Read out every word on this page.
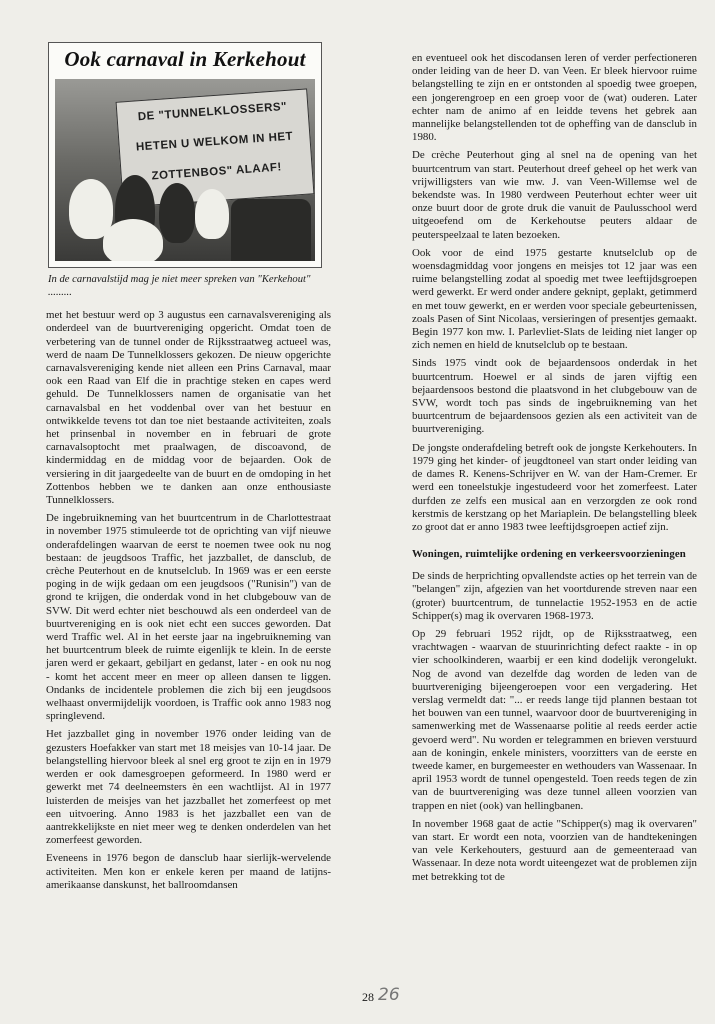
Ook carnaval in Kerkehout
DE "TUNNELKLOSSERS"
HETEN U WELKOM IN HET
ZOTTENBOS" ALAAF!
In de carnavalstijd mag je niet meer spreken van "Kerkehout" .........

met het bestuur werd op 3 augustus een carnavalsvereniging als onderdeel van de buurtvereniging opgericht. Omdat toen de verbetering van de tunnel onder de Rijksstraatweg actueel was, werd de naam De Tunnelklossers gekozen. De nieuw opgerichte carnavalsvereniging kende niet alleen een Prins Carnaval, maar ook een Raad van Elf die in prachtige steken en capes werd gehuld. De Tunnelklossers namen de organisatie van het carnavalsbal en het voddenbal over van het bestuur en ontwikkelde tevens tot dan toe niet bestaande activiteiten, zoals het prinsenbal in november en in februari de grote carnavalsoptocht met praalwagen, de discoavond, de kindermiddag en de middag voor de bejaarden. Ook de versiering in dit jaargedeelte van de buurt en de omdoping in het Zottenbos hebben we te danken aan onze enthousiaste Tunnelklossers.

De ingebruikneming van het buurtcentrum in de Charlottestraat in november 1975 stimuleerde tot de oprichting van vijf nieuwe onderafdelingen waarvan de eerst te noemen twee ook nu nog bestaan: de jeugdsoos Traffic, het jazzballet, de dansclub, de crèche Peuterhout en de knutselclub. In 1969 was er een eerste poging in de wijk gedaan om een jeugdsoos ("Runisin") van de grond te krijgen, die onderdak vond in het clubgebouw van de SVW. Dit werd echter niet beschouwd als een onderdeel van de buurtvereniging en is ook niet echt een succes geworden. Dat werd Traffic wel. Al in het eerste jaar na ingebruikneming van het buurtcentrum bleek de ruimte eigenlijk te klein. In de eerste jaren werd er gekaart, gebiljart en gedanst, later - en ook nu nog - komt het accent meer en meer op alleen dansen te liggen. Ondanks de incidentele problemen die zich bij een jeugdsoos welhaast onvermijdelijk voordoen, is Traffic ook anno 1983 nog springlevend.

Het jazzballet ging in november 1976 onder leiding van de gezusters Hoefakker van start met 18 meisjes van 10-14 jaar. De belangstelling hiervoor bleek al snel erg groot te zijn en in 1979 werden er ook damesgroepen geformeerd. In 1980 werd er gewerkt met 74 deelneemsters èn een wachtlijst. Al in 1977 luisterden de meisjes van het jazzballet het zomerfeest op met een uitvoering. Anno 1983 is het jazzballet een van de aantrekkelijkste en niet meer weg te denken onderdelen van het zomerfeest geworden.

Eveneens in 1976 begon de dansclub haar sierlijk-wervelende activiteiten. Men kon er enkele keren per maand de latijns-amerikaanse danskunst, het ballroomdansen

en eventueel ook het discodansen leren of verder perfectioneren onder leiding van de heer D. van Veen. Er bleek hiervoor ruime belangstelling te zijn en er ontstonden al spoedig twee groepen, een jongerengroep en een groep voor de (wat) ouderen. Later echter nam de animo af en leidde tevens het gebrek aan mannelijke belangstellenden tot de opheffing van de dansclub in 1980.

De crèche Peuterhout ging al snel na de opening van het buurtcentrum van start. Peuterhout dreef geheel op het werk van vrijwilligsters van wie mw. J. van Veen-Willemse wel de bekendste was. In 1980 verdween Peuterhout echter weer uit onze buurt door de grote druk die vanuit de Paulusschool werd uitgeoefend om de Kerkehoutse peuters aldaar de peuterspeelzaal te laten bezoeken.

Ook voor de eind 1975 gestarte knutselclub op de woensdagmiddag voor jongens en meisjes tot 12 jaar was een ruime belangstelling zodat al spoedig met twee leeftijdsgroepen werd gewerkt. Er werd onder andere geknipt, geplakt, getimmerd en met touw gewerkt, en er werden voor speciale gebeurtenissen, zoals Pasen of Sint Nicolaas, versieringen of presentjes gemaakt. Begin 1977 kon mw. I. Parlevliet-Slats de leiding niet langer op zich nemen en hield de knutselclub op te bestaan.

Sinds 1975 vindt ook de bejaardensoos onderdak in het buurtcentrum. Hoewel er al sinds de jaren vijftig een bejaardensoos bestond die plaatsvond in het clubgebouw van de SVW, wordt toch pas sinds de ingebruikneming van het buurtcentrum de bejaardensoos gezien als een activiteit van de buurtvereniging.

De jongste onderafdeling betreft ook de jongste Kerkehouters. In 1979 ging het kinder- of jeugdtoneel van start onder leiding van de dames R. Kenens-Schrijver en W. van der Ham-Cremer. Er werd een toneelstukje ingestudeerd voor het zomerfeest. Later durfden ze zelfs een musical aan en verzorgden ze ook rond kerstmis de kerstzang op het Mariaplein. De belangstelling bleek zo groot dat er anno 1983 twee leeftijdsgroepen actief zijn.

Woningen, ruimtelijke ordening en verkeersvoorzieningen

De sinds de herprichting opvallendste acties op het terrein van de "belangen" zijn, afgezien van het voortdurende streven naar een (groter) buurtcentrum, de tunnelactie 1952-1953 en de actie Schipper(s) mag ik overvaren 1968-1973.

Op 29 februari 1952 rijdt, op de Rijksstraatweg, een vrachtwagen - waarvan de stuurinrichting defect raakte - in op vier schoolkinderen, waarbij er een kind dodelijk verongelukt. Nog de avond van dezelfde dag worden de leden van de buurtvereniging bijeengeroepen voor een vergadering. Het verslag vermeldt dat: "... er reeds lange tijd plannen bestaan tot het bouwen van een tunnel, waarvoor door de buurtvereniging in samenwerking met de Wassenaarse politie al reeds eerder actie gevoerd werd". Nu worden er telegrammen en brieven verstuurd aan de koningin, enkele ministers, voorzitters van de eerste en tweede kamer, en burgemeester en wethouders van Wassenaar. In april 1953 wordt de tunnel opengesteld. Toen reeds tegen de zin van de buurtvereniging was deze tunnel alleen voorzien van trappen en niet (ook) van hellingbanen.

In november 1968 gaat de actie "Schipper(s) mag ik overvaren" van start. Er wordt een nota, voorzien van de handtekeningen van vele Kerkehouters, gestuurd aan de gemeenteraad van Wassenaar. In deze nota wordt uiteengezet wat de problemen zijn met betrekking tot de

28 26
